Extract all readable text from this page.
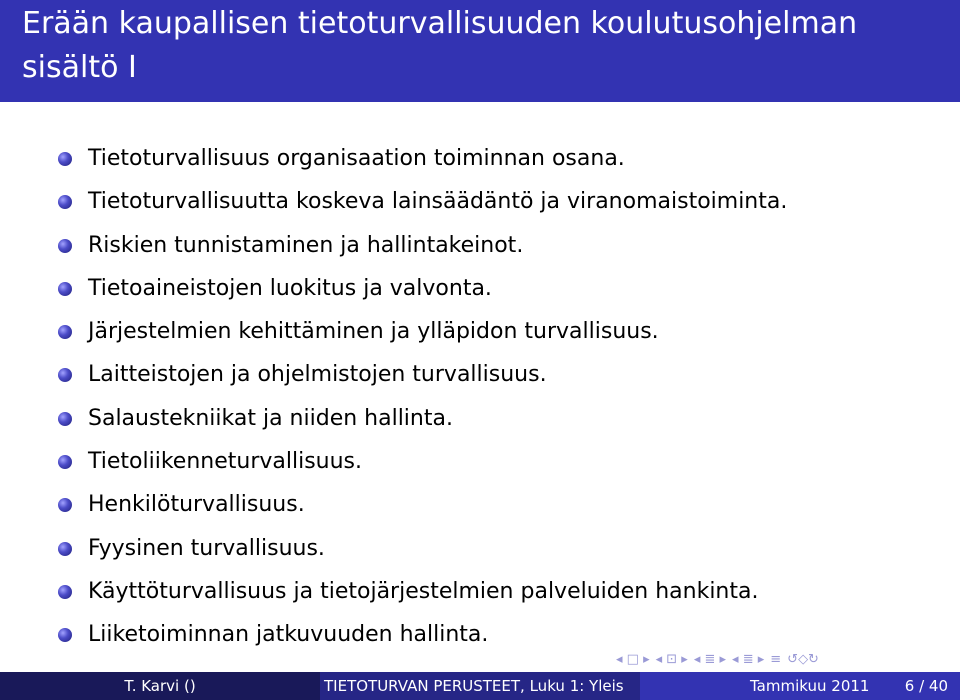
Erään kaupallisen tietoturvallisuuden koulutusohjelman sisältö I
Tietoturvallisuus organisaation toiminnan osana.
Tietoturvallisuutta koskeva lainsäädäntö ja viranomaistoiminta.
Riskien tunnistaminen ja hallintakeinot.
Tietoaineistojen luokitus ja valvonta.
Järjestelmien kehittäminen ja ylläpidon turvallisuus.
Laitteistojen ja ohjelmistojen turvallisuus.
Salaustekniikat ja niiden hallinta.
Tietoliikenneturvallisuus.
Henkilöturvallisuus.
Fyysinen turvallisuus.
Käyttöturvallisuus ja tietojärjestelmien palveluiden hankinta.
Liiketoiminnan jatkuvuuden hallinta.
◂ □ ▸ ◂ ⊡ ▸ ◂ ≣ ▸ ◂ ≣ ▸ ≡ ↺◇↻
T. Karvi ()	TIETOTURVAN PERUSTEET, Luku 1: Yleis	Tammikuu 2011 6 / 40
